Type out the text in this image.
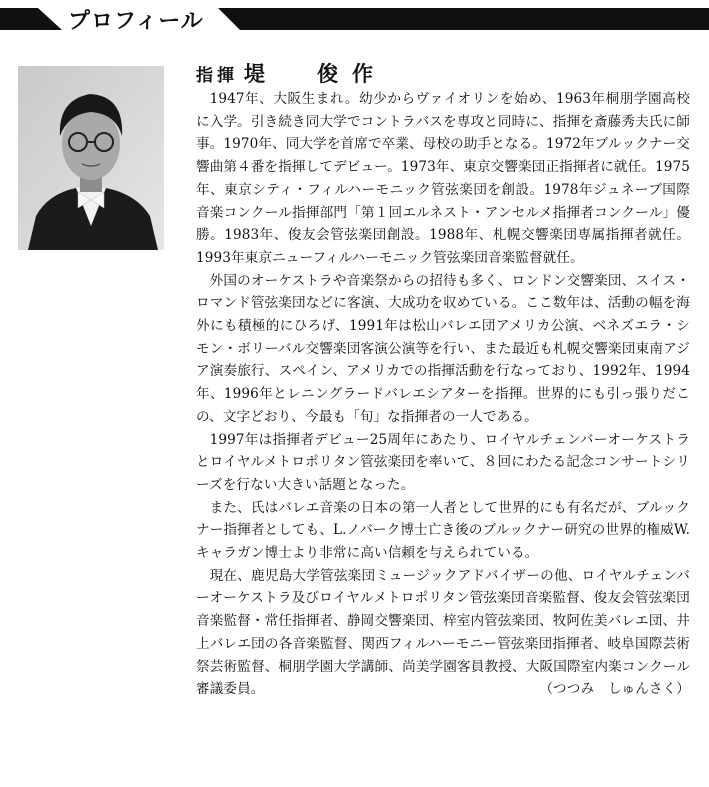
プロフィール
指揮 堤 俊作

1947年、大阪生まれ。幼少からヴァイオリンを始め、1963年桐朋学園高校に入学。引き続き同大学でコントラバスを専攻と同時に、指揮を斎藤秀夫氏に師事。1970年、同大学を首席で卒業、母校の助手となる。1972年ブルックナー交響曲第４番を指揮してデビュー。1973年、東京交響楽団正指揮者に就任。1975年、東京シティ・フィルハーモニック管弦楽団を創設。1978年ジュネーブ国際音楽コンクール指揮部門「第１回エルネスト・アンセルメ指揮者コンクール」優勝。1983年、俊友会管弦楽団創設。1988年、札幌交響楽団専属指揮者就任。1993年東京ニューフィルハーモニック管弦楽団音楽監督就任。

外国のオーケストラや音楽祭からの招待も多く、ロンドン交響楽団、スイス・ロマンド管弦楽団などに客演、大成功を収めている。ここ数年は、活動の幅を海外にも積極的にひろげ、1991年は松山バレエ団アメリカ公演、ベネズエラ・シモン・ボリーバル交響楽団客演公演等を行い、また最近も札幌交響楽団東南アジア演奏旅行、スペイン、アメリカでの指揮活動を行なっており、1992年、1994年、1996年とレニングラードバレエシアターを指揮。世界的にも引っ張りだこの、文字どおり、今最も「旬」な指揮者の一人である。

1997年は指揮者デビュー25周年にあたり、ロイヤルチェンバーオーケストラとロイヤルメトロポリタン管弦楽団を率いて、８回にわたる記念コンサートシリーズを行ない大きい話題となった。

また、氏はバレエ音楽の日本の第一人者として世界的にも有名だが、ブルックナー指揮者としても、L.ノバーク博士亡き後のブルックナー研究の世界的権威W.キャラガン博士より非常に高い信頼を与えられている。

現在、鹿児島大学管弦楽団ミュージックアドバイザーの他、ロイヤルチェンバーオーケストラ及びロイヤルメトロポリタン管弦楽団音楽監督、俊友会管弦楽団音楽監督・常任指揮者、静岡交響楽団、梓室内管弦楽団、牧阿佐美バレエ団、井上バレエ団の各音楽監督、関西フィルハーモニー管弦楽団指揮者、岐阜国際芸術祭芸術監督、桐朋学園大学講師、尚美学園客員教授、大阪国際室内楽コンクール審議委員。	（つつみ　しゅんさく）
